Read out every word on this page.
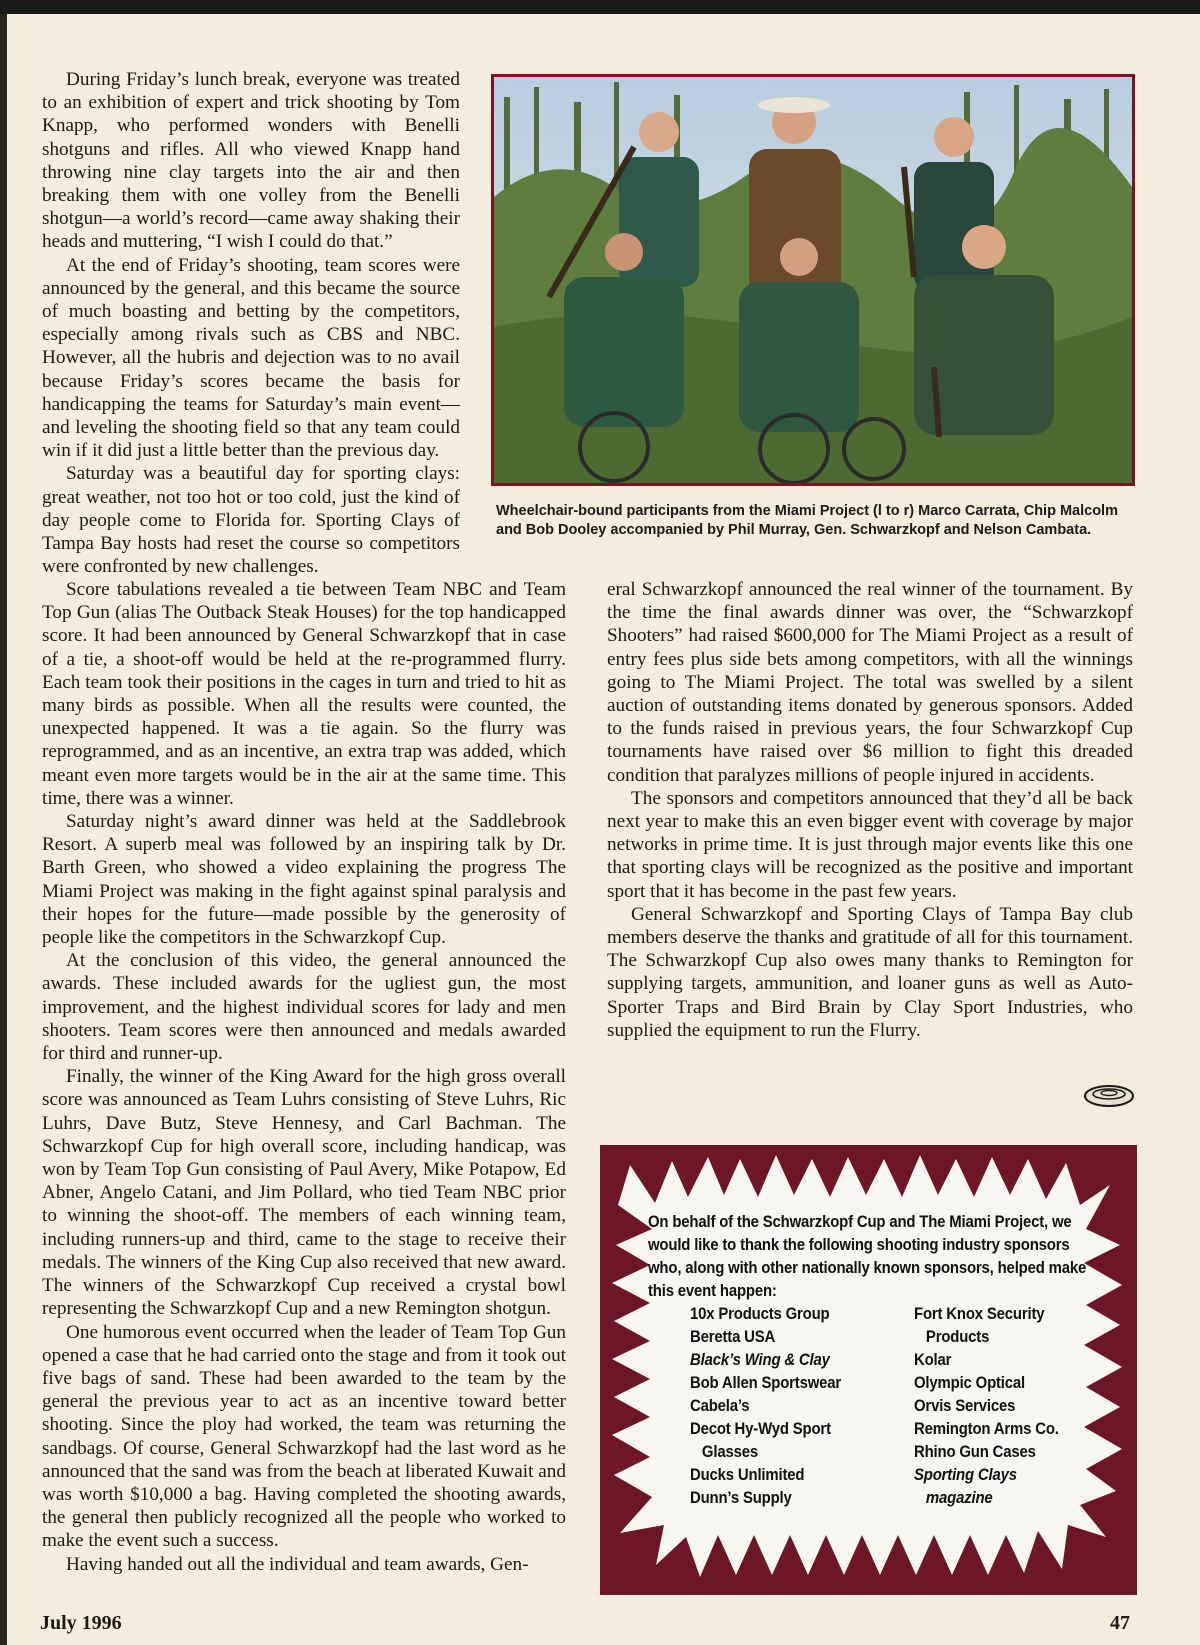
During Friday’s lunch break, everyone was treated to an exhibition of expert and trick shooting by Tom Knapp, who performed wonders with Benelli shotguns and rifles. All who viewed Knapp hand throwing nine clay targets into the air and then breaking them with one volley from the Benelli shotgun—a world’s record—came away shaking their heads and muttering, “I wish I could do that.”

At the end of Friday’s shooting, team scores were announced by the general, and this became the source of much boasting and betting by the competitors, especially among rivals such as CBS and NBC. However, all the hubris and dejection was to no avail because Friday’s scores became the basis for handicapping the teams for Saturday’s main event—and leveling the shooting field so that any team could win if it did just a little better than the previous day.

Saturday was a beautiful day for sporting clays: great weather, not too hot or too cold, just the kind of day people come to Florida for. Sporting Clays of Tampa Bay hosts had reset the course so competitors were confronted by new challenges.

Wheelchair-bound participants from the Miami Project (l to r) Marco Carrata, Chip Malcolm and Bob Dooley accompanied by Phil Murray, Gen. Schwarzkopf and Nelson Cambata.

Score tabulations revealed a tie between Team NBC and Team Top Gun (alias The Outback Steak Houses) for the top handicapped score. It had been announced by General Schwarzkopf that in case of a tie, a shoot-off would be held at the re-programmed flurry. Each team took their positions in the cages in turn and tried to hit as many birds as possible. When all the results were counted, the unexpected happened. It was a tie again. So the flurry was reprogrammed, and as an incentive, an extra trap was added, which meant even more targets would be in the air at the same time. This time, there was a winner.

Saturday night’s award dinner was held at the Saddlebrook Resort. A superb meal was followed by an inspiring talk by Dr. Barth Green, who showed a video explaining the progress The Miami Project was making in the fight against spinal paralysis and their hopes for the future—made possible by the generosity of people like the competitors in the Schwarzkopf Cup.

At the conclusion of this video, the general announced the awards. These included awards for the ugliest gun, the most improvement, and the highest individual scores for lady and men shooters. Team scores were then announced and medals awarded for third and runner-up.

Finally, the winner of the King Award for the high gross overall score was announced as Team Luhrs consisting of Steve Luhrs, Ric Luhrs, Dave Butz, Steve Hennesy, and Carl Bachman. The Schwarzkopf Cup for high overall score, including handicap, was won by Team Top Gun consisting of Paul Avery, Mike Potapow, Ed Abner, Angelo Catani, and Jim Pollard, who tied Team NBC prior to winning the shoot-off. The members of each winning team, including runners-up and third, came to the stage to receive their medals. The winners of the King Cup also received that new award. The winners of the Schwarzkopf Cup received a crystal bowl representing the Schwarzkopf Cup and a new Remington shotgun.

One humorous event occurred when the leader of Team Top Gun opened a case that he had carried onto the stage and from it took out five bags of sand. These had been awarded to the team by the general the previous year to act as an incentive toward better shooting. Since the ploy had worked, the team was returning the sandbags. Of course, General Schwarzkopf had the last word as he announced that the sand was from the beach at liberated Kuwait and was worth $10,000 a bag. Having completed the shooting awards, the general then publicly recognized all the people who worked to make the event such a success.

Having handed out all the individual and team awards, Gen-

eral Schwarzkopf announced the real winner of the tournament. By the time the final awards dinner was over, the “Schwarzkopf Shooters” had raised $600,000 for The Miami Project as a result of entry fees plus side bets among competitors, with all the winnings going to The Miami Project. The total was swelled by a silent auction of outstanding items donated by generous sponsors. Added to the funds raised in previous years, the four Schwarzkopf Cup tournaments have raised over $6 million to fight this dreaded condition that paralyzes millions of people injured in accidents.

The sponsors and competitors announced that they’d all be back next year to make this an even bigger event with coverage by major networks in prime time. It is just through major events like this one that sporting clays will be recognized as the positive and important sport that it has become in the past few years.

General Schwarzkopf and Sporting Clays of Tampa Bay club members deserve the thanks and gratitude of all for this tournament. The Schwarzkopf Cup also owes many thanks to Remington for supplying targets, ammunition, and loaner guns as well as Auto-Sporter Traps and Bird Brain by Clay Sport Industries, who supplied the equipment to run the Flurry.

On behalf of the Schwarzkopf Cup and The Miami Project, we would like to thank the following shooting industry sponsors who, along with other nationally known sponsors, helped make this event happen:

10x Products Group
Beretta USA
Black’s Wing & Clay
Bob Allen Sportswear
Cabela’s
Decot Hy-Wyd Sport
Glasses
Ducks Unlimited
Dunn’s Supply
Fort Knox Security
Products
Kolar
Olympic Optical
Orvis Services
Remington Arms Co.
Rhino Gun Cases
Sporting Clays
magazine
July 1996	47
